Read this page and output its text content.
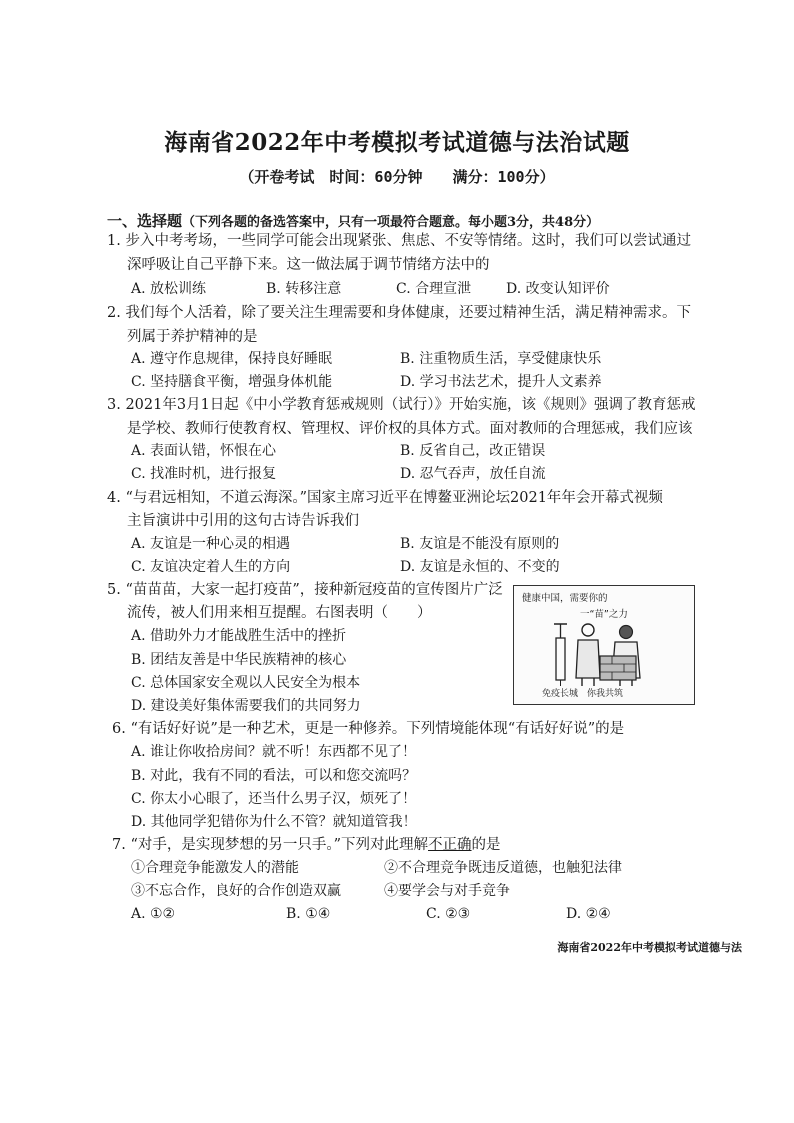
海南省2022年中考模拟考试道德与法治试题
（开卷考试　时间：60分钟　　满分：100分）
一、选择题（下列各题的备选答案中，只有一项最符合题意。每小题3分，共48分）
1. 步入中考考场，一些同学可能会出现紧张、焦虑、不安等情绪。这时，我们可以尝试通过
深呼吸让自己平静下来。这一做法属于调节情绪方法中的
A. 放松训练	B. 转移注意	C. 合理宣泄 D. 改变认知评价
2. 我们每个人活着，除了要关注生理需要和身体健康，还要过精神生活，满足精神需求。下
列属于养护精神的是
A. 遵守作息规律，保持良好睡眠	B. 注重物质生活，享受健康快乐
C. 坚持膳食平衡，增强身体机能	D. 学习书法艺术，提升人文素养
3. 2021年3月1日起《中小学教育惩戒规则（试行）》开始实施，该《规则》强调了教育惩戒
是学校、教师行使教育权、管理权、评价权的具体方式。面对教师的合理惩戒，我们应该
A. 表面认错，怀恨在心	B. 反省自己，改正错误
C. 找准时机，进行报复	D. 忍气吞声，放任自流
4. “与君远相知，不道云海深。”国家主席习近平在博鳌亚洲论坛2021年年会开幕式视频
主旨演讲中引用的这句古诗告诉我们
A. 友谊是一种心灵的相遇	B. 友谊是不能没有原则的
C. 友谊决定着人生的方向	D. 友谊是永恒的、不变的
5. “苗苗苗，大家一起打疫苗”，接种新冠疫苗的宣传图片广泛
流传，被人们用来相互提醒。右图表明（　　）
A. 借助外力才能战胜生活中的挫折
B. 团结友善是中华民族精神的核心
C. 总体国家安全观以人民安全为根本
D. 建设美好集体需要我们的共同努力
健康中国，需要你的
一“苗”之力
免疫长城　你我共筑
6. “有话好好说”是一种艺术，更是一种修养。下列情境能体现“有话好好说”的是
A. 谁让你收拾房间？就不听！东西都不见了！
B. 对此，我有不同的看法，可以和您交流吗？
C. 你太小心眼了，还当什么男子汉，烦死了！
D. 其他同学犯错你为什么不管？就知道管我！
7. “对手，是实现梦想的另一只手。”下列对此理解不正确的是
①合理竞争能激发人的潜能	②不合理竞争既违反道德，也触犯法律
③不忘合作，良好的合作创造双赢	④要学会与对手竞争
A. ①②	B. ①④	C. ②③	D. ②④
海南省2022年中考模拟考试道德与法
